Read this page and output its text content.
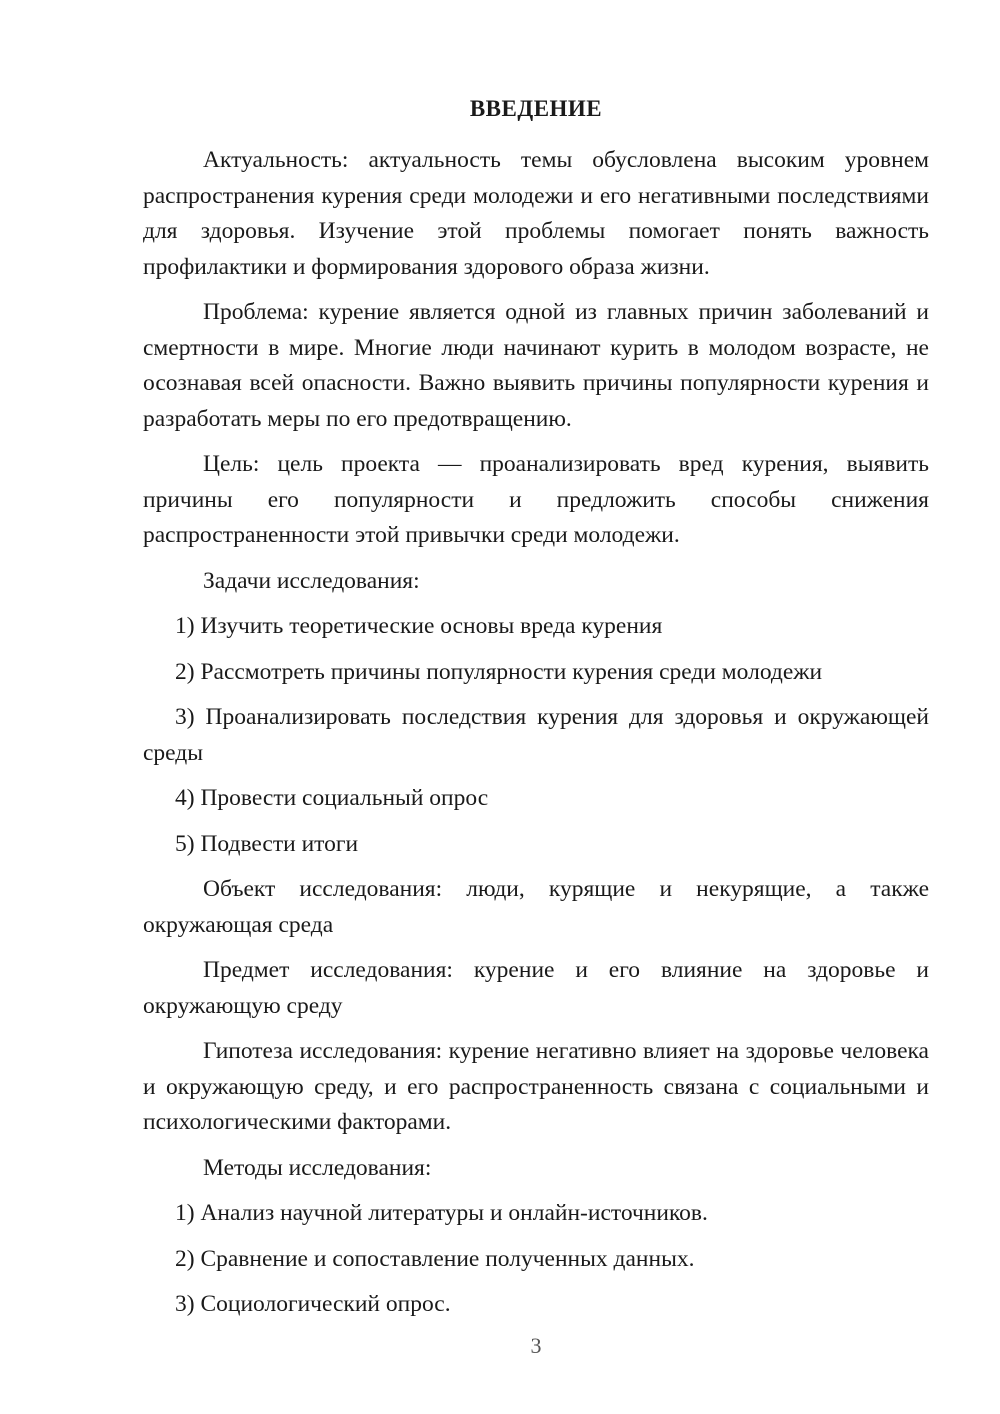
ВВЕДЕНИЕ

Актуальность: актуальность темы обусловлена высоким уровнем распространения курения среди молодежи и его негативными последствиями для здоровья. Изучение этой проблемы помогает понять важность профилактики и формирования здорового образа жизни.

Проблема: курение является одной из главных причин заболеваний и смертности в мире. Многие люди начинают курить в молодом возрасте, не осознавая всей опасности. Важно выявить причины популярности курения и разработать меры по его предотвращению.

Цель: цель проекта — проанализировать вред курения, выявить причины его популярности и предложить способы снижения распространенности этой привычки среди молодежи.

Задачи исследования:

1) Изучить теоретические основы вреда курения

2) Рассмотреть причины популярности курения среди молодежи

3) Проанализировать последствия курения для здоровья и окружающей среды

4) Провести социальный опрос

5) Подвести итоги

Объект исследования: люди, курящие и некурящие, а также окружающая среда

Предмет исследования: курение и его влияние на здоровье и окружающую среду

Гипотеза исследования: курение негативно влияет на здоровье человека и окружающую среду, и его распространенность связана с социальными и психологическими факторами.

Методы исследования:

1) Анализ научной литературы и онлайн-источников.

2) Сравнение и сопоставление полученных данных.

3) Социологический опрос.

3
